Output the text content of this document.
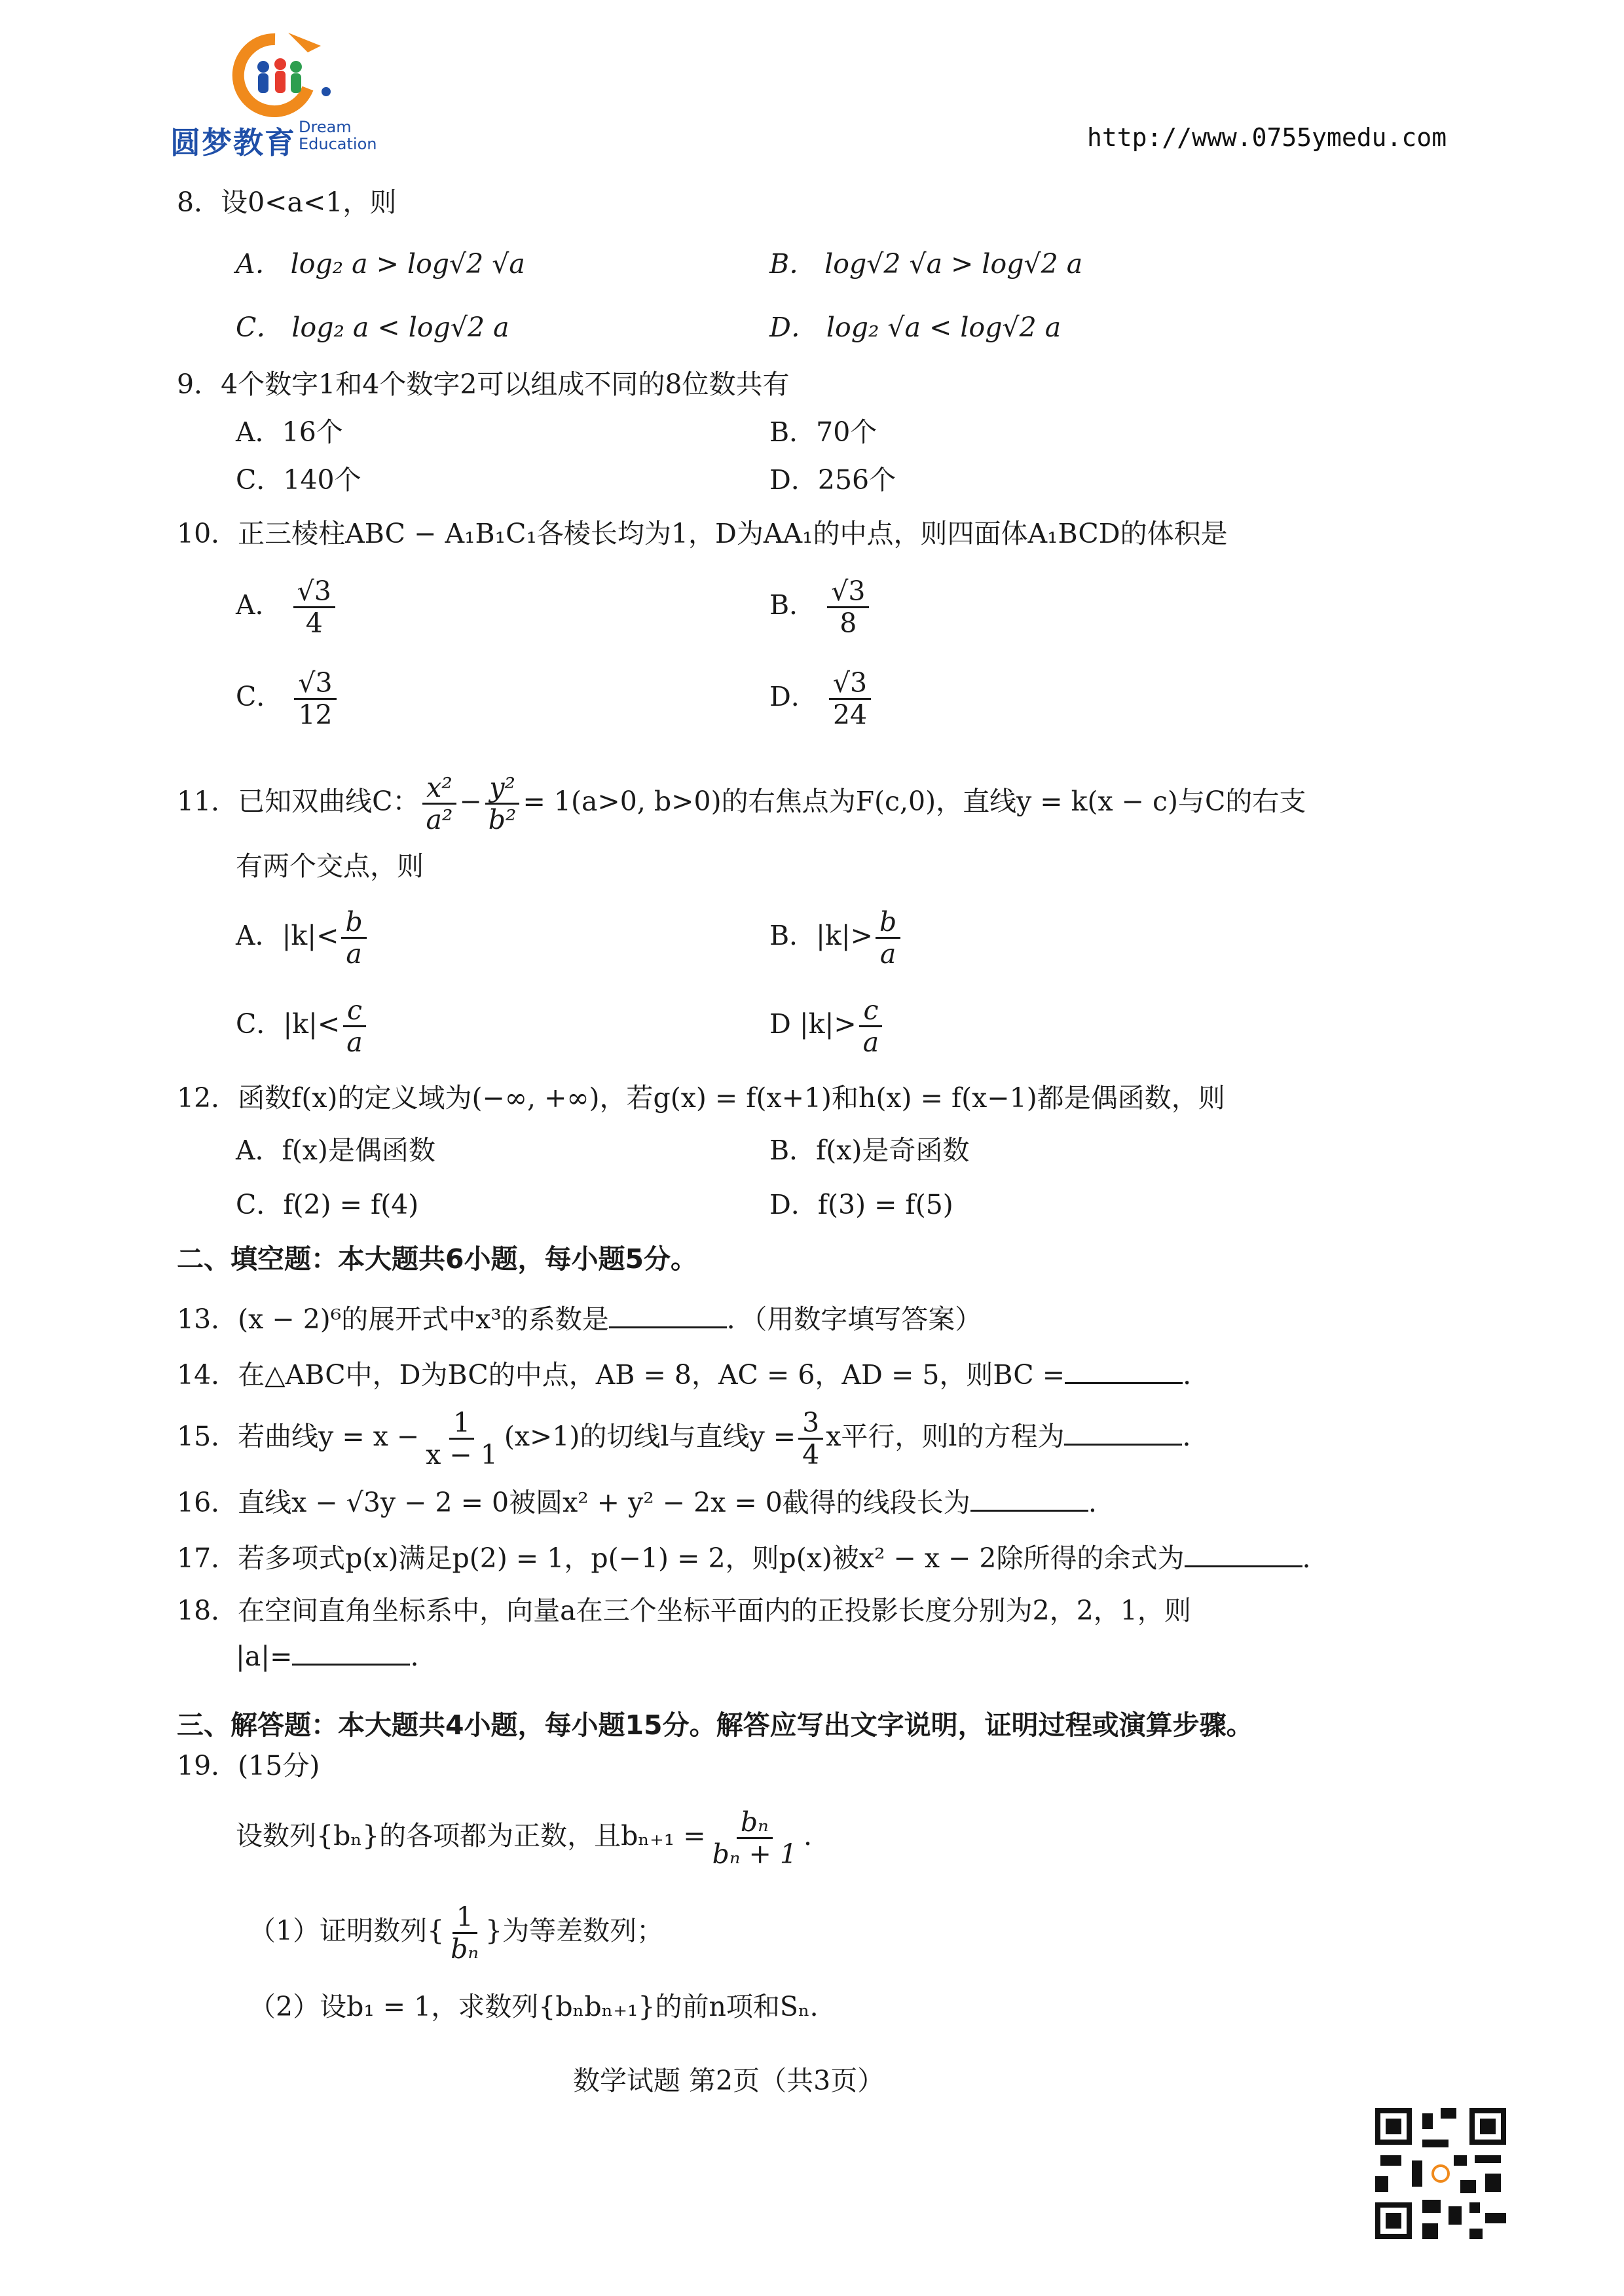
圆梦教育 Dream
Education	http://www.0755ymedu.com
8．设0<a<1，则
A． log₂ a > log√2 √a	B． log√2 √a > log√2 a
C． log₂ a < log√2 a	D． log₂ √a < log√2 a
9．4个数字1和4个数字2可以组成不同的8位数共有
A．16个	B．70个
C．140个	D．256个
10．正三棱柱ABC − A₁B₁C₁各棱长均为1，D为AA₁的中点，则四面体A₁BCD的体积是
A． $\frac{√3}{4}$	B． $\frac{√3}{8}$
C． $\frac{√3}{12}$	D． $\frac{√3}{24}$
11．已知双曲线C： $\frac{\text{x²}}{\text{a²}} - \frac{\text{y²}}{\text{b²}} = 1(a>0$, b>0)的右焦点为F(c,0)，直线y = k(x − c)与C的右支
有两个交点，则
A．$|k|< \frac{b}{a}$	B．$|k|> \frac{b}{a}$
C．$|k|< \frac{c}{a}$	D $|k|> \frac{c}{a}$
12．函数f(x)的定义域为(−∞, +∞)，若g(x) = f(x+1)和h(x) = f(x−1)都是偶函数，则
A．f(x)是偶函数	B．f(x)是奇函数
C．f(2) = f(4)	D．f(3) = f(5)
二、填空题：本大题共6小题，每小题5分。
13．(x − 2)⁶的展开式中x³的系数是	．（用数字填写答案）
14．在△ABC中，D为BC的中点，AB = 8，AC = 6，AD = 5，则BC =	.
15．若曲线$y = x - \frac{1}{x - 1} (x>1)$的切线l与直线$y = \frac{3}{4}$ x平行，则l的方程为	.
16．直线x − √3y − 2 = 0被圆x² + y² − 2x = 0截得的线段长为	.
17．若多项式p(x)满足p(2) = 1，p(−1) = 2，则p(x)被x² − x − 2除所得的余式为	.
18．在空间直角坐标系中，向量a在三个坐标平面内的正投影长度分别为2，2，1，则
|a|=	.
三、解答题：本大题共4小题，每小题15分。解答应写出文字说明，证明过程或演算步骤。
19．(15分)
设数列{bₙ}的各项都为正数，且$b_{n+1} = \frac{\text{bₙ}}{\text{bₙ + 1}}$ .
（1）证明数列{ $\frac{1}{\text{bₙ}}$ }为等差数列；
（2）设b₁ = 1，求数列{bₙbₙ₊₁}的前n项和Sₙ．
数学试题 第2页（共3页）
